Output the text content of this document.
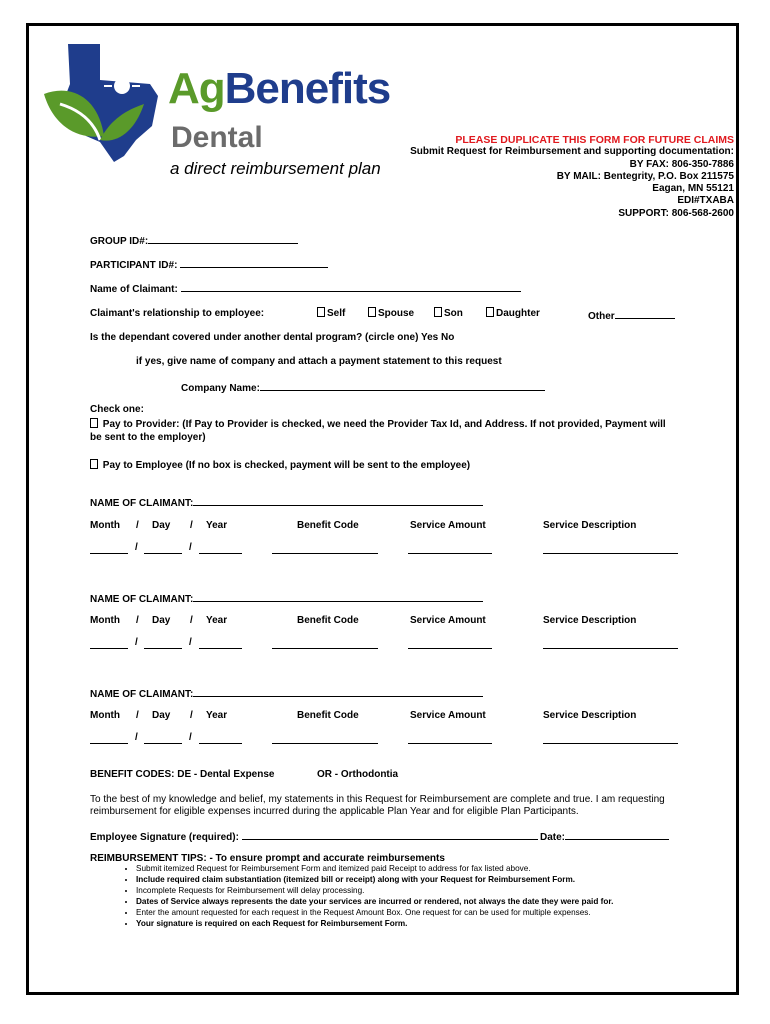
AgBenefits
Dental
a direct reimbursement plan
PLEASE DUPLICATE THIS FORM FOR FUTURE CLAIMS
Submit Request for Reimbursement and supporting documentation:
BY FAX: 806-350-7886
BY MAIL: Bentegrity, P.O. Box 211575
Eagan, MN 55121
EDI#TXABA
SUPPORT: 806-568-2600
GROUP ID#:
PARTICIPANT ID#:
Name of Claimant:
Claimant's relationship to employee:	Self	Spouse	Son	Daughter	Other
Is the dependant covered under another dental program? (circle one) Yes No
if yes, give name of company and attach a payment statement to this request
Company Name:
Check one:
Pay to Provider: (If Pay to Provider is checked, we need the Provider Tax Id, and Address. If not provided, Payment will
be sent to the employer)
Pay to Employee (If no box is checked, payment will be sent to the employee)
NAME OF CLAIMANT:
Month / Day / Year	Benefit Code	Service Amount	Service Description
/	/
NAME OF CLAIMANT:
Month / Day / Year	Benefit Code	Service Amount	Service Description
/	/
NAME OF CLAIMANT:
Month / Day / Year	Benefit Code	Service Amount	Service Description
/	/
BENEFIT CODES: DE - Dental Expense	OR - Orthodontia
To the best of my knowledge and belief, my statements in this Request for Reimbursement are complete and true. I am requesting
reimbursement for eligible expenses incurred during the applicable Plan Year and for eligible Plan Participants.
Employee Signature (required):	Date:
REIMBURSEMENT TIPS: - To ensure prompt and accurate reimbursements
• Submit itemized Request for Reimbursement Form and itemized paid Receipt to address for fax listed above.
• Include required claim substantiation (itemized bill or receipt) along with your Request for Reimbursement Form.
• Incomplete Requests for Reimbursement will delay processing.
• Dates of Service always represents the date your services are incurred or rendered, not always the date they were paid for.
• Enter the amount requested for each request in the Request Amount Box. One request for can be used for multiple expenses.
• Your signature is required on each Request for Reimbursement Form.
